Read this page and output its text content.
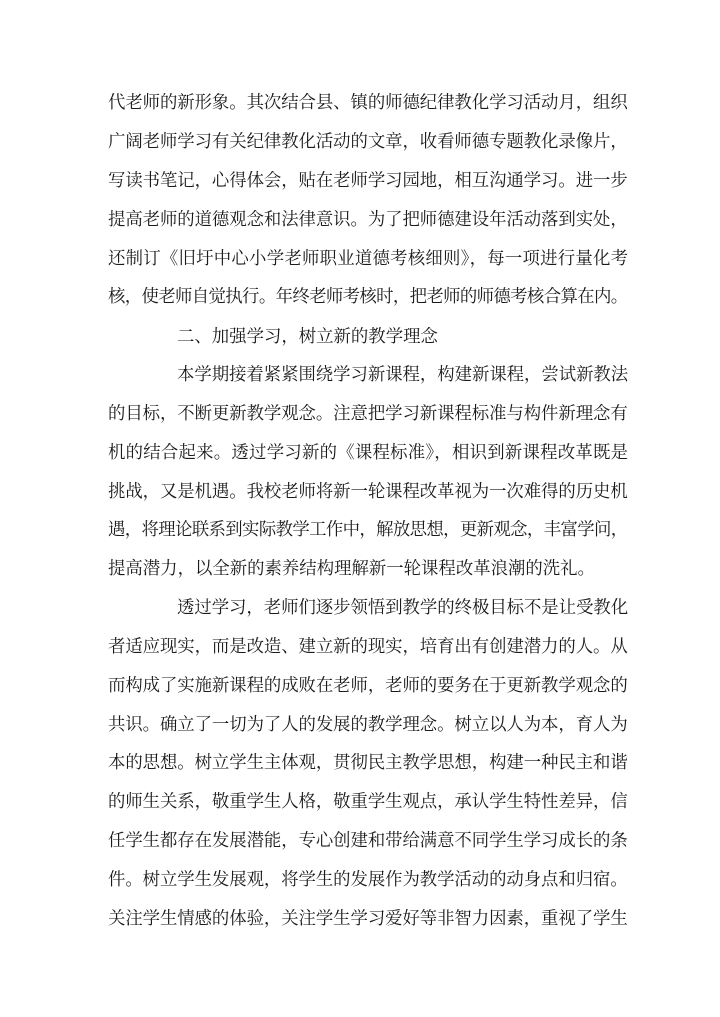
代老师的新形象。其次结合县、镇的师德纪律教化学习活动月，组织
广阔老师学习有关纪律教化活动的文章，收看师德专题教化录像片，
写读书笔记，心得体会，贴在老师学习园地，相互沟通学习。进一步
提高老师的道德观念和法律意识。为了把师德建设年活动落到实处，
还制订《旧圩中心小学老师职业道德考核细则》，每一项进行量化考
核，使老师自觉执行。年终老师考核时，把老师的师德考核合算在内。
二、加强学习，树立新的教学理念
本学期接着紧紧围绕学习新课程，构建新课程，尝试新教法
的目标，不断更新教学观念。注意把学习新课程标准与构件新理念有
机的结合起来。透过学习新的《课程标准》，相识到新课程改革既是
挑战，又是机遇。我校老师将新一轮课程改革视为一次难得的历史机
遇，将理论联系到实际教学工作中，解放思想，更新观念，丰富学问，
提高潜力，以全新的素养结构理解新一轮课程改革浪潮的洗礼。
透过学习，老师们逐步领悟到教学的终极目标不是让受教化
者适应现实，而是改造、建立新的现实，培育出有创建潜力的人。从
而构成了实施新课程的成败在老师，老师的要务在于更新教学观念的
共识。确立了一切为了人的发展的教学理念。树立以人为本，育人为
本的思想。树立学生主体观，贯彻民主教学思想，构建一种民主和谐
的师生关系，敬重学生人格，敬重学生观点，承认学生特性差异，信
任学生都存在发展潜能，专心创建和带给满意不同学生学习成长的条
件。树立学生发展观，将学生的发展作为教学活动的动身点和归宿。
关注学生情感的体验，关注学生学习爱好等非智力因素，重视了学生
